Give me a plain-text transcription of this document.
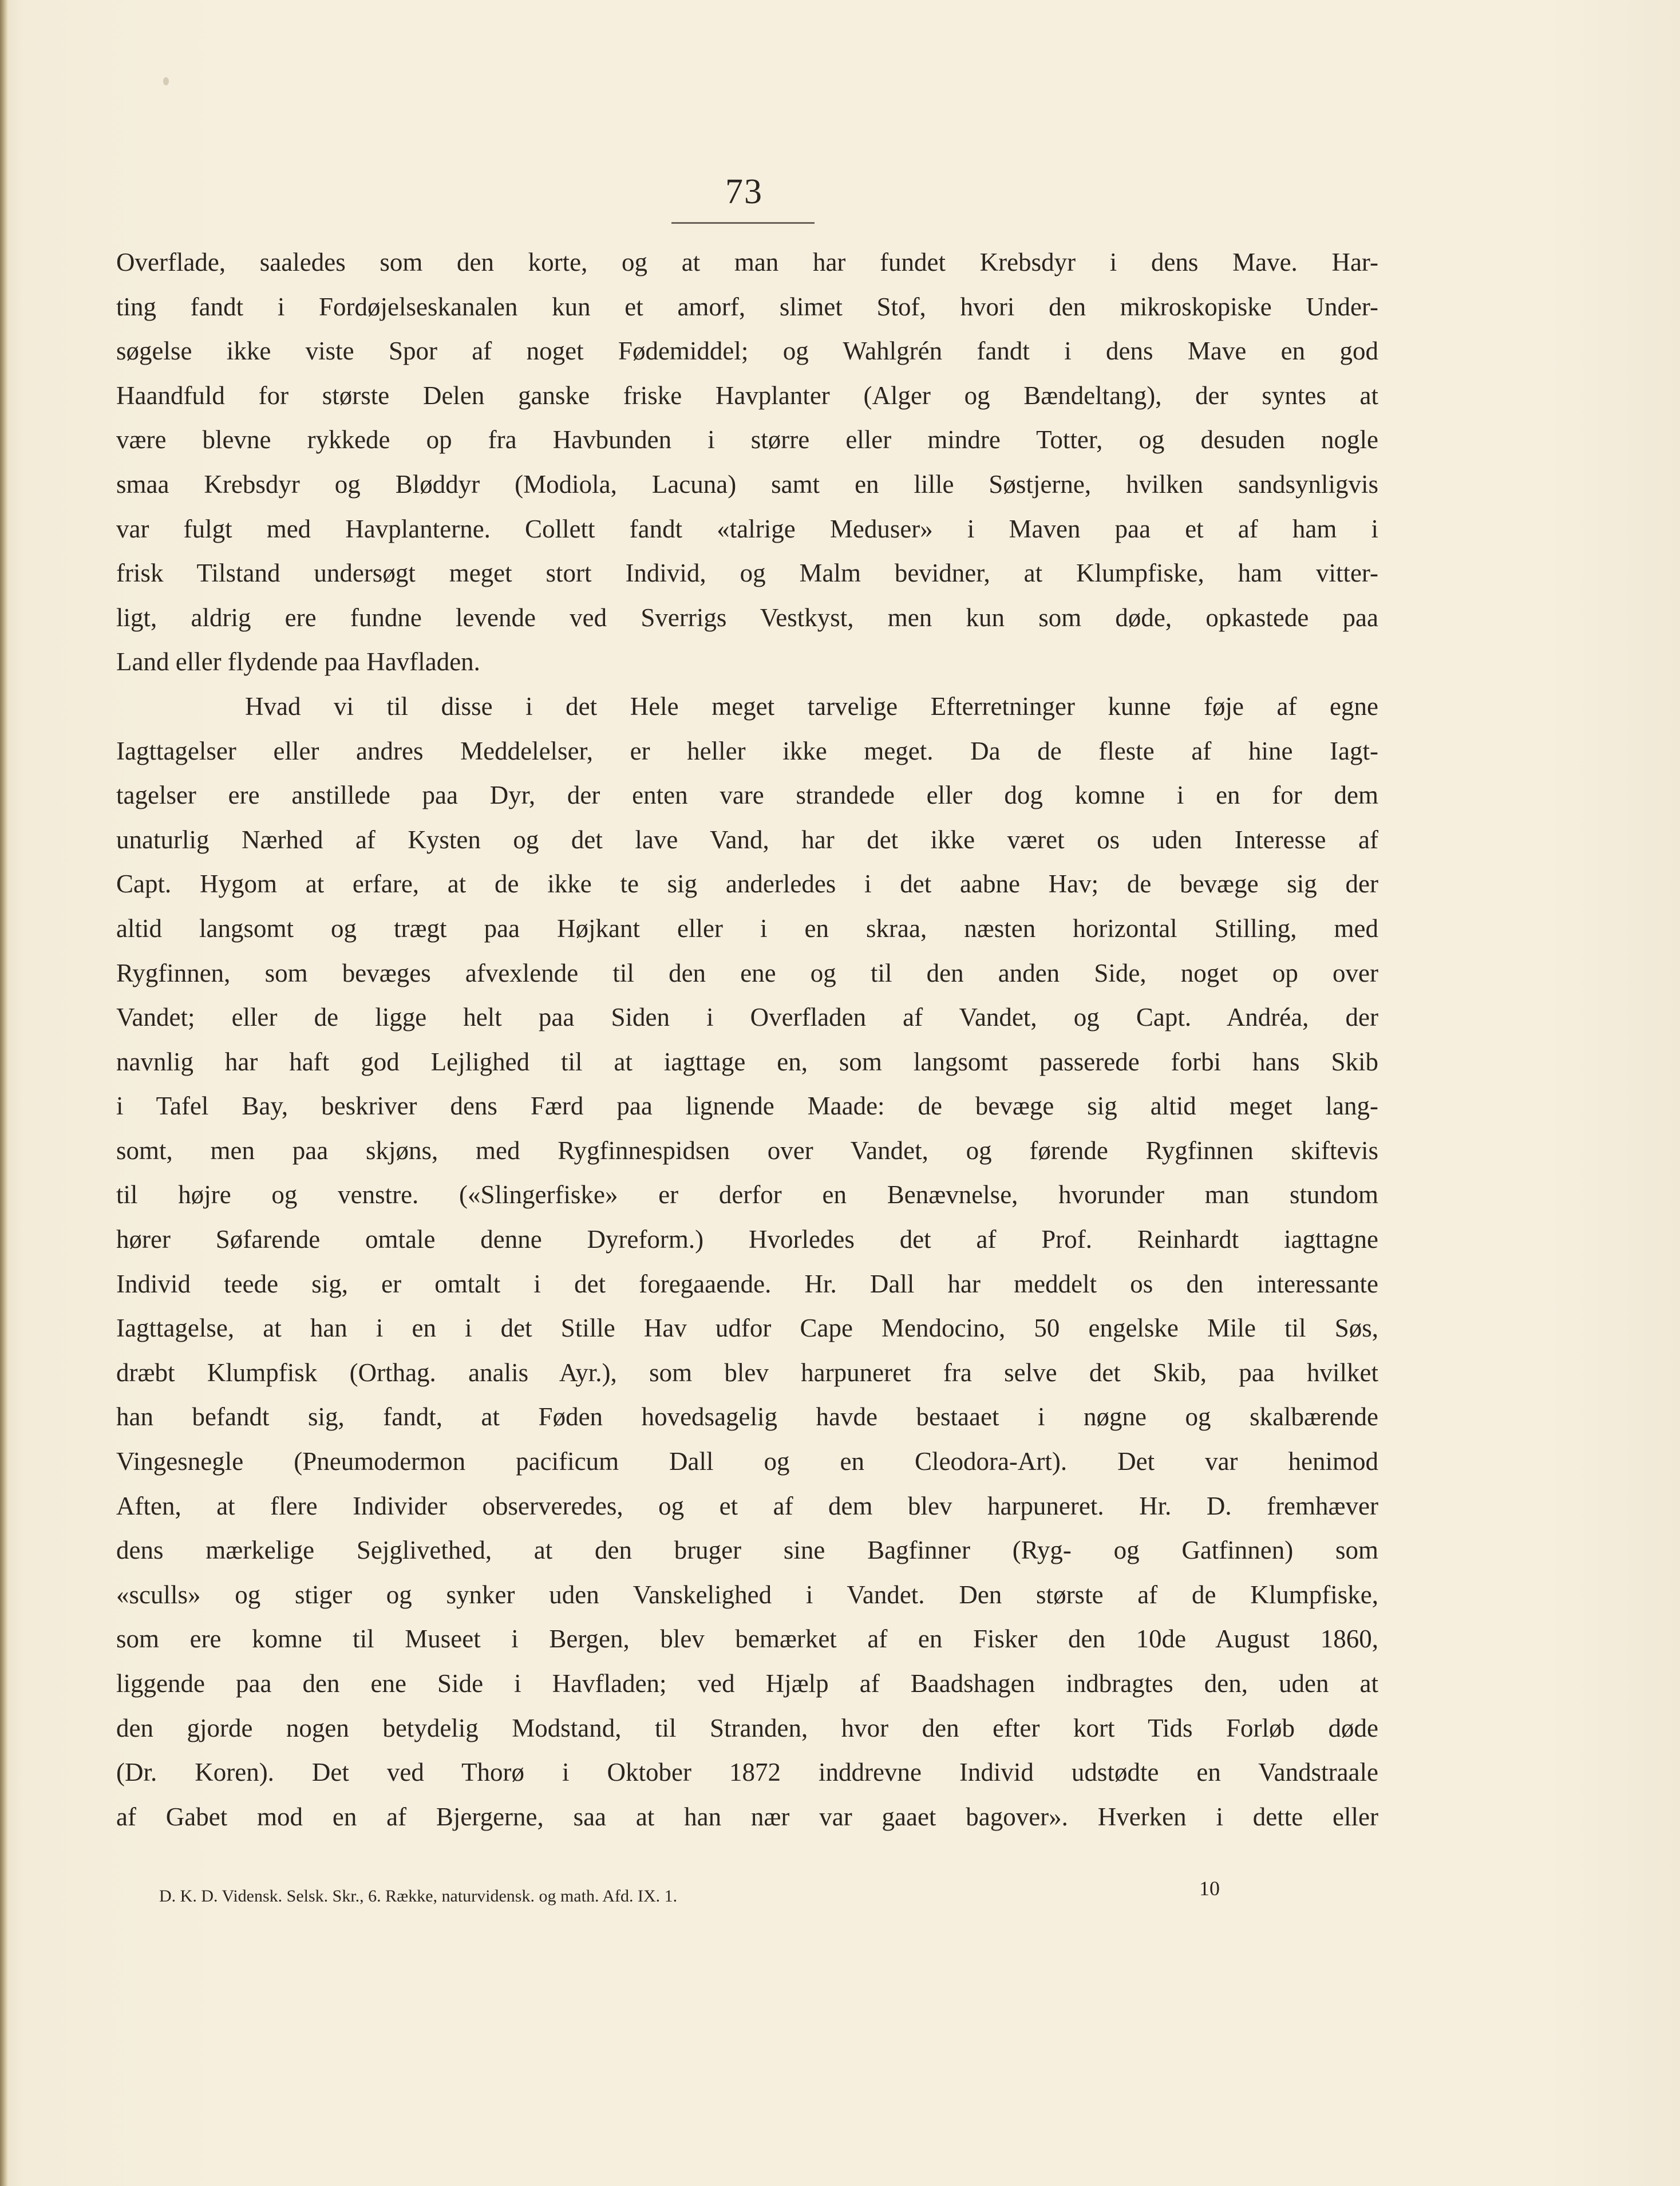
73
Overflade, saaledes som den korte, og at man har fundet Krebsdyr i dens Mave. Har-
ting fandt i Fordøjelseskanalen kun et amorf, slimet Stof, hvori den mikroskopiske Under-
søgelse ikke viste Spor af noget Fødemiddel; og Wahlgrén fandt i dens Mave en god
Haandfuld for største Delen ganske friske Havplanter (Alger og Bændeltang), der syntes at
være blevne rykkede op fra Havbunden i større eller mindre Totter, og desuden nogle
smaa Krebsdyr og Bløddyr (Modiola, Lacuna) samt en lille Søstjerne, hvilken sandsynligvis
var fulgt med Havplanterne. Collett fandt «talrige Meduser» i Maven paa et af ham i
frisk Tilstand undersøgt meget stort Individ, og Malm bevidner, at Klumpfiske, ham vitter-
ligt, aldrig ere fundne levende ved Sverrigs Vestkyst, men kun som døde, opkastede paa
Land eller flydende paa Havfladen.
Hvad vi til disse i det Hele meget tarvelige Efterretninger kunne føje af egne
Iagttagelser eller andres Meddelelser, er heller ikke meget. Da de fleste af hine Iagt-
tagelser ere anstillede paa Dyr, der enten vare strandede eller dog komne i en for dem
unaturlig Nærhed af Kysten og det lave Vand, har det ikke været os uden Interesse af
Capt. Hygom at erfare, at de ikke te sig anderledes i det aabne Hav; de bevæge sig der
altid langsomt og trægt paa Højkant eller i en skraa, næsten horizontal Stilling, med
Rygfinnen, som bevæges afvexlende til den ene og til den anden Side, noget op over
Vandet; eller de ligge helt paa Siden i Overfladen af Vandet, og Capt. Andréa, der
navnlig har haft god Lejlighed til at iagttage en, som langsomt passerede forbi hans Skib
i Tafel Bay, beskriver dens Færd paa lignende Maade: de bevæge sig altid meget lang-
somt, men paa skjøns, med Rygfinnespidsen over Vandet, og førende Rygfinnen skiftevis
til højre og venstre. («Slingerfiske» er derfor en Benævnelse, hvorunder man stundom
hører Søfarende omtale denne Dyreform.) Hvorledes det af Prof. Reinhardt iagttagne
Individ teede sig, er omtalt i det foregaaende. Hr. Dall har meddelt os den interessante
Iagttagelse, at han i en i det Stille Hav udfor Cape Mendocino, 50 engelske Mile til Søs,
dræbt Klumpfisk (Orthag. analis Ayr.), som blev harpuneret fra selve det Skib, paa hvilket
han befandt sig, fandt, at Føden hovedsagelig havde bestaaet i nøgne og skalbærende
Vingesnegle (Pneumodermon pacificum Dall og en Cleodora-Art). Det var henimod
Aften, at flere Individer observeredes, og et af dem blev harpuneret. Hr. D. fremhæver
dens mærkelige Sejglivethed, at den bruger sine Bagfinner (Ryg- og Gatfinnen) som
«sculls» og stiger og synker uden Vanskelighed i Vandet. Den største af de Klumpfiske,
som ere komne til Museet i Bergen, blev bemærket af en Fisker den 10de August 1860,
liggende paa den ene Side i Havfladen; ved Hjælp af Baadshagen indbragtes den, uden at
den gjorde nogen betydelig Modstand, til Stranden, hvor den efter kort Tids Forløb døde
(Dr. Koren). Det ved Thorø i Oktober 1872 inddrevne Individ udstødte en Vandstraale
af Gabet mod en af Bjergerne, saa at han nær var gaaet bagover». Hverken i dette eller
D. K. D. Vidensk. Selsk. Skr., 6. Række, naturvidensk. og math. Afd. IX. 1.	10
